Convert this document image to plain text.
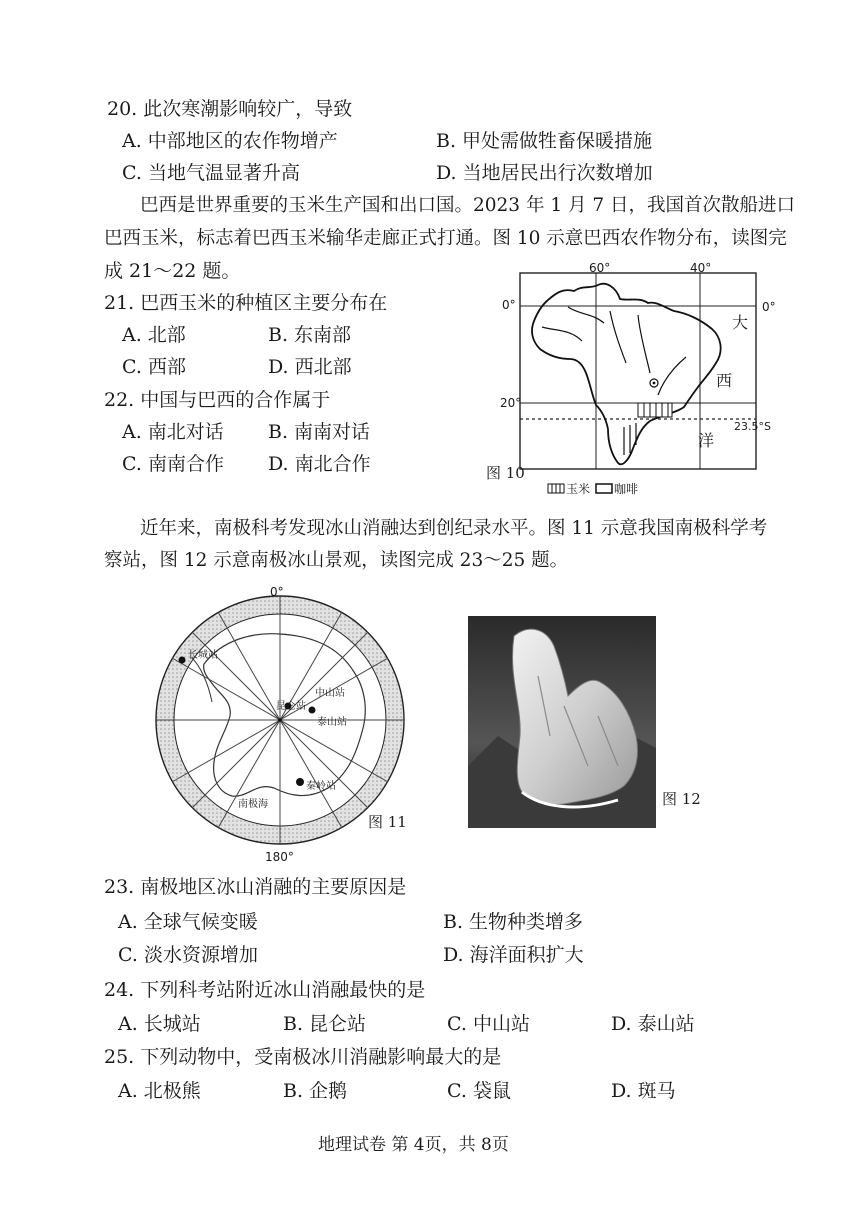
20. 此次寒潮影响较广，导致
A. 中部地区的农作物增产	B. 甲处需做牲畜保暖措施
C. 当地气温显著升高	D. 当地居民出行次数增加
巴西是世界重要的玉米生产国和出口国。2023 年 1 月 7 日，我国首次散船进口
巴西玉米，标志着巴西玉米输华走廊正式打通。图 10 示意巴西农作物分布，读图完
成 21～22 题。
21. 巴西玉米的种植区主要分布在
A. 北部	B. 东南部
C. 西部	D. 西北部
22. 中国与巴西的合作属于
A. 南北对话 B. 南南对话
C. 南南合作 D. 南北合作
60°	40°
0°	0°
20°
23.5°S
大
西
洋
图 10
玉米 咖啡
近年来，南极科考发现冰山消融达到创纪录水平。图 11 示意我国南极科学考
察站，图 12 示意南极冰山景观，读图完成 23～25 题。
0°
180°
长城站
昆仑站
中山站
泰山站
秦岭站
南极海
图 11
图 12
23. 南极地区冰山消融的主要原因是
A. 全球气候变暖	B. 生物种类增多
C. 淡水资源增加	D. 海洋面积扩大
24. 下列科考站附近冰山消融最快的是
A. 长城站	B. 昆仑站	C. 中山站	D. 泰山站
25. 下列动物中，受南极冰川消融影响最大的是
A. 北极熊	B. 企鹅	C. 袋鼠	D. 斑马
地理试卷 第 4页，共 8页
